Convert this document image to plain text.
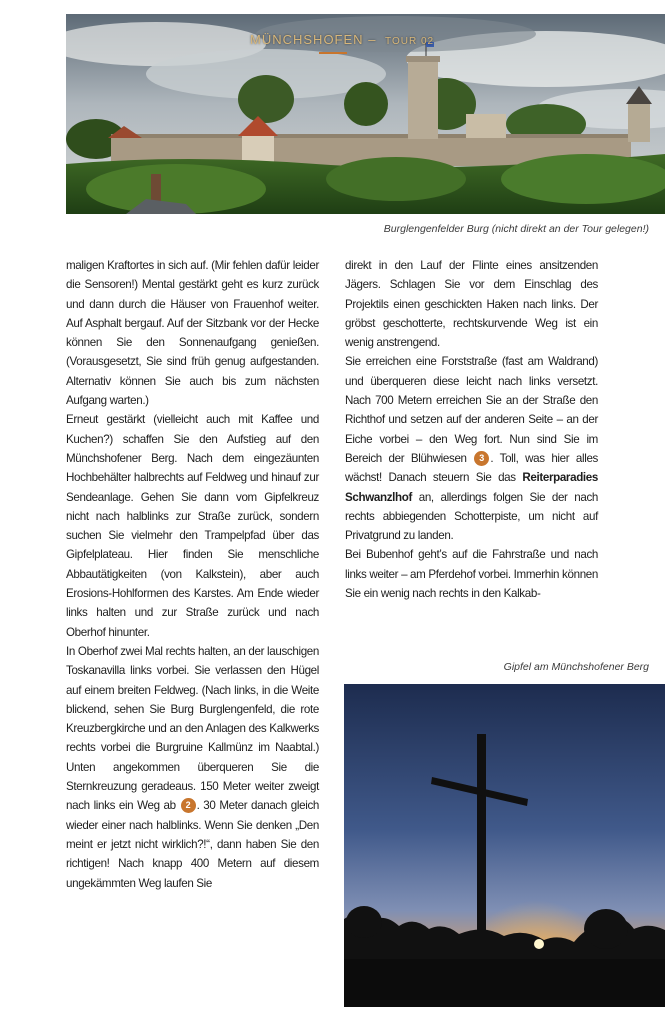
MÜNCHSHOFEN – TOUR 02
Burglengenfelder Burg (nicht direkt an der Tour gelegen!)

maligen Kraftortes in sich auf. (Mir fehlen dafür leider die Sensoren!) Mental gestärkt geht es kurz zurück und dann durch die Häuser von Frauenhof weiter. Auf Asphalt bergauf. Auf der Sitzbank vor der Hecke können Sie den Sonnenaufgang genießen. (Vorausgesetzt, Sie sind früh genug aufgestanden. Alternativ können Sie auch bis zum nächsten Aufgang warten.)

Erneut gestärkt (vielleicht auch mit Kaffee und Kuchen?) schaffen Sie den Aufstieg auf den Münchshofener Berg. Nach dem eingezäunten Hochbehälter halbrechts auf Feldweg und hinauf zur Sendeanlage. Gehen Sie dann vom Gipfelkreuz nicht nach halblinks zur Straße zurück, sondern suchen Sie vielmehr den Trampelpfad über das Gipfelplateau. Hier finden Sie menschliche Abbautätigkeiten (von Kalkstein), aber auch Erosions-Hohlformen des Karstes. Am Ende wieder links halten und zur Straße zurück und nach Oberhof hinunter.

In Oberhof zwei Mal rechts halten, an der lauschigen Toskanavilla links vorbei. Sie verlassen den Hügel auf einem breiten Feldweg. (Nach links, in die Weite blickend, sehen Sie Burg Burglengenfeld, die rote Kreuzbergkirche und an den Anlagen des Kalkwerks rechts vorbei die Burgruine Kallmünz im Naabtal.) Unten angekommen überqueren Sie die Sternkreuzung geradeaus. 150 Meter weiter zweigt nach links ein Weg ab 2 . 30 Meter danach gleich wieder einer nach halblinks. Wenn Sie denken „Den meint er jetzt nicht wirklich?!“, dann haben Sie den richtigen! Nach knapp 400 Metern auf diesem ungekämmten Weg laufen Sie

direkt in den Lauf der Flinte eines ansitzenden Jägers. Schlagen Sie vor dem Einschlag des Projektils einen geschickten Haken nach links. Der gröbst geschotterte, rechtskurvende Weg ist ein wenig anstrengend.

Sie erreichen eine Forststraße (fast am Waldrand) und überqueren diese leicht nach links versetzt. Nach 700 Metern erreichen Sie an der Straße den Richthof und setzen auf der anderen Seite – an der Eiche vorbei – den Weg fort. Nun sind Sie im Bereich der Blühwiesen 3 . Toll, was hier alles wächst! Danach steuern Sie das Reiterparadies Schwanzlhof an, allerdings folgen Sie der nach rechts abbiegenden Schotterpiste, um nicht auf Privatgrund zu landen.

Bei Bubenhof geht’s auf die Fahrstraße und nach links weiter – am Pferdehof vorbei. Immerhin können Sie ein wenig nach rechts in den Kalkab-

Gipfel am Münchshofener Berg
